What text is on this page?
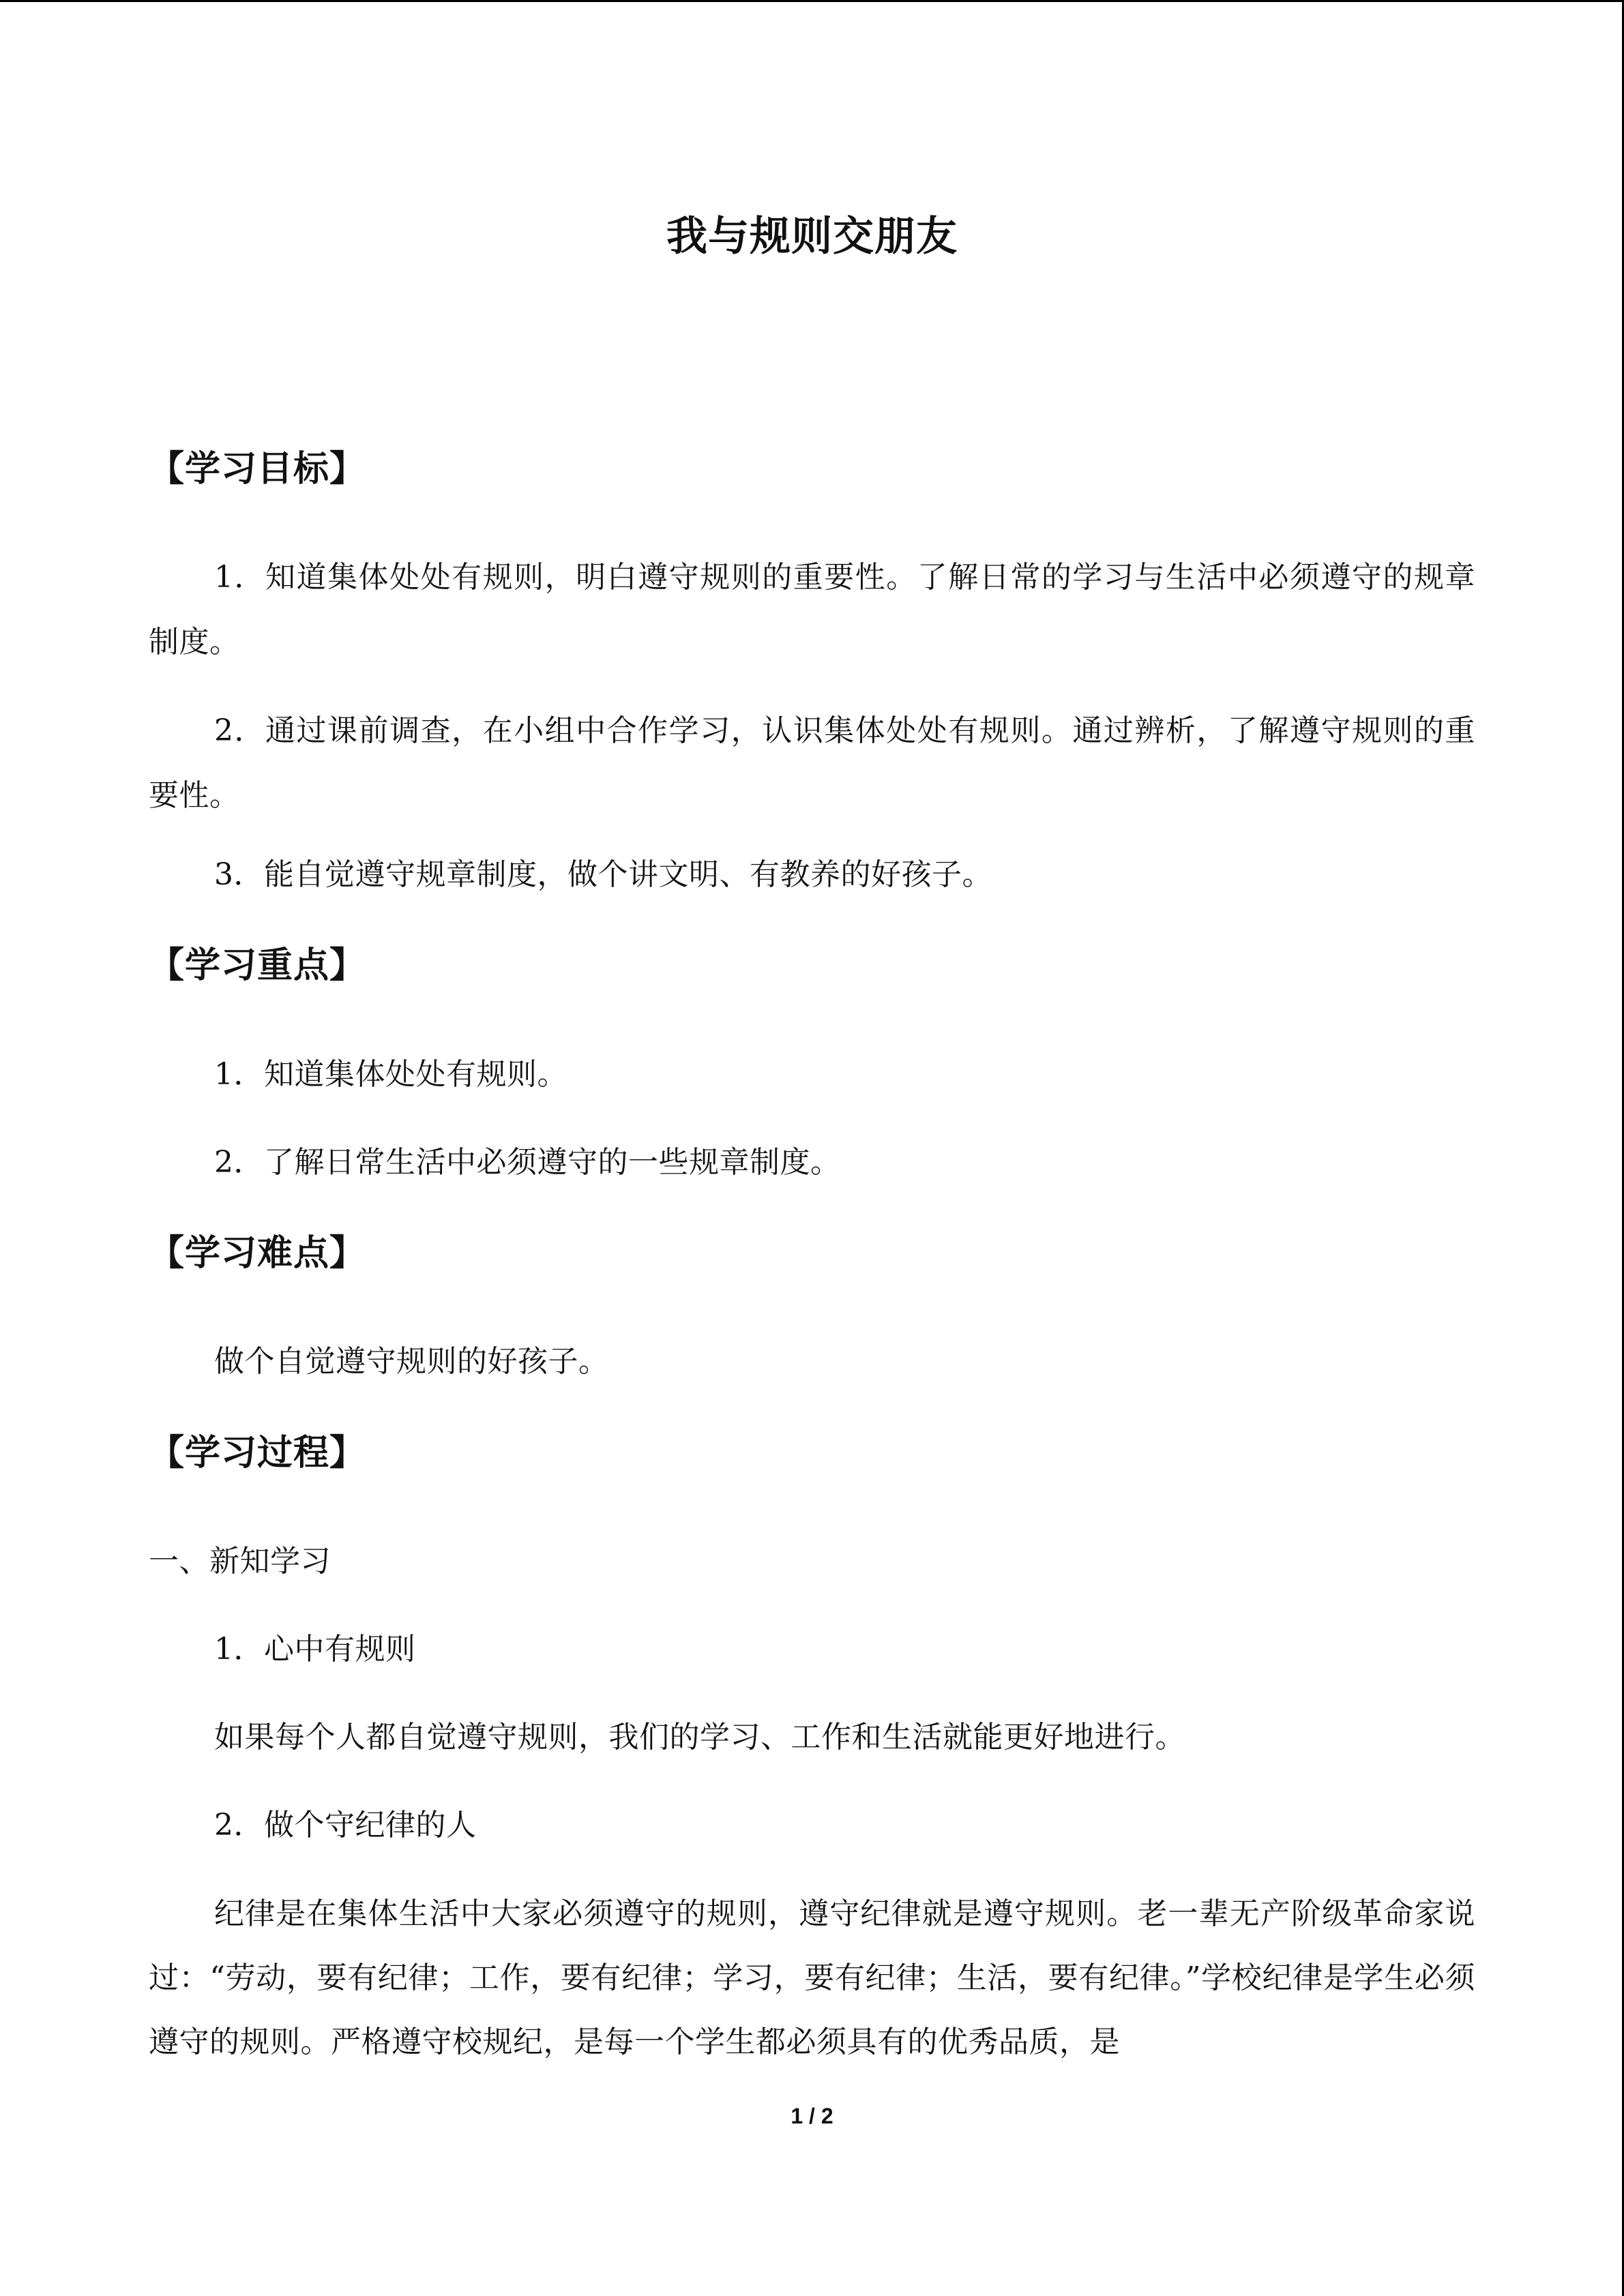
我与规则交朋友
【学习目标】
1．知道集体处处有规则，明白遵守规则的重要性。了解日常的学习与生活中必须遵守的规章制度。
2．通过课前调查，在小组中合作学习，认识集体处处有规则。通过辨析，了解遵守规则的重要性。
3．能自觉遵守规章制度，做个讲文明、有教养的好孩子。
【学习重点】
1．知道集体处处有规则。
2．了解日常生活中必须遵守的一些规章制度。
【学习难点】
做个自觉遵守规则的好孩子。
【学习过程】
一、新知学习
1．心中有规则
如果每个人都自觉遵守规则，我们的学习、工作和生活就能更好地进行。
2．做个守纪律的人
纪律是在集体生活中大家必须遵守的规则，遵守纪律就是遵守规则。老一辈无产阶级革命家说过：“劳动，要有纪律；工作，要有纪律；学习，要有纪律；生活，要有纪律。”学校纪律是学生必须遵守的规则。严格遵守校规纪，是每一个学生都必须具有的优秀品质，是
1 / 2
